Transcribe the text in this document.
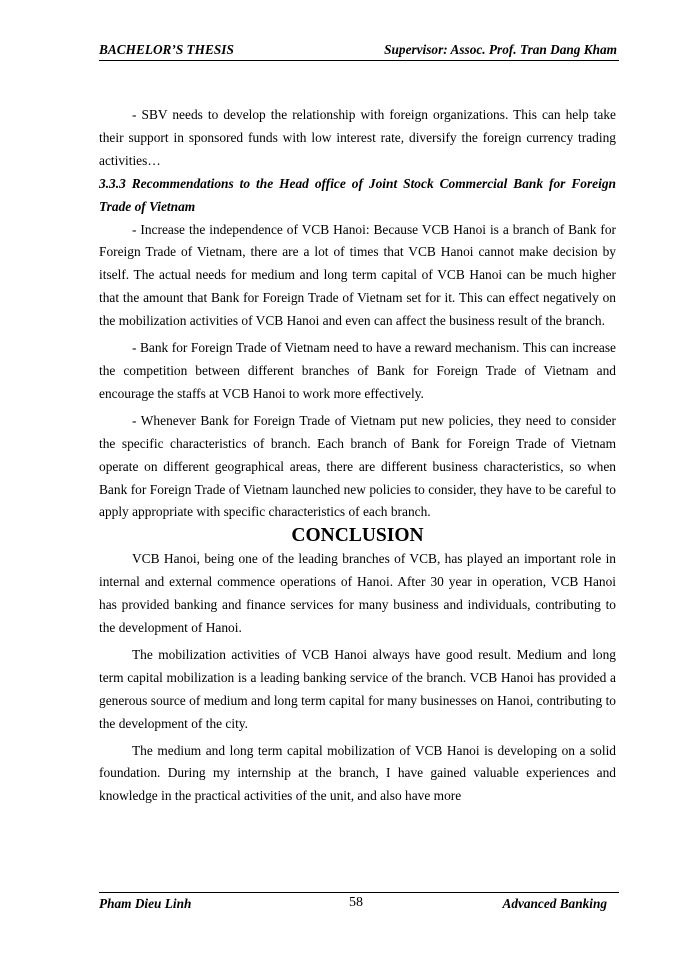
BACHELOR’S THESIS	Supervisor: Assoc. Prof. Tran Dang Kham

- SBV needs to develop the relationship with foreign organizations. This can help take their support in sponsored funds with low interest rate, diversify the foreign currency trading activities…

3.3.3 Recommendations to the Head office of Joint Stock Commercial Bank for Foreign Trade of Vietnam

- Increase the independence of VCB Hanoi: Because VCB Hanoi is a branch of Bank for Foreign Trade of Vietnam, there are a lot of times that VCB Hanoi cannot make decision by itself. The actual needs for medium and long term capital of VCB Hanoi can be much higher that the amount that Bank for Foreign Trade of Vietnam set for it. This can effect negatively on the mobilization activities of VCB Hanoi and even can affect the business result of the branch.

- Bank for Foreign Trade of Vietnam need to have a reward mechanism. This can increase the competition between different branches of Bank for Foreign Trade of Vietnam and encourage the staffs at VCB Hanoi to work more effectively.

- Whenever Bank for Foreign Trade of Vietnam put new policies, they need to consider the specific characteristics of branch. Each branch of Bank for Foreign Trade of Vietnam operate on different geographical areas, there are different business characteristics, so when Bank for Foreign Trade of Vietnam launched new policies to consider, they have to be careful to apply appropriate with specific characteristics of each branch.

CONCLUSION

VCB Hanoi, being one of the leading branches of VCB, has played an important role in internal and external commence operations of Hanoi. After 30 year in operation, VCB Hanoi has provided banking and finance services for many business and individuals, contributing to the development of Hanoi.

The mobilization activities of VCB Hanoi always have good result. Medium and long term capital mobilization is a leading banking service of the branch. VCB Hanoi has provided a generous source of medium and long term capital for many businesses on Hanoi, contributing to the development of the city.

The medium and long term capital mobilization of VCB Hanoi is developing on a solid foundation. During my internship at the branch, I have gained valuable experiences and knowledge in the practical activities of the unit, and also have more

Pham Dieu Linh	58	Advanced Banking
